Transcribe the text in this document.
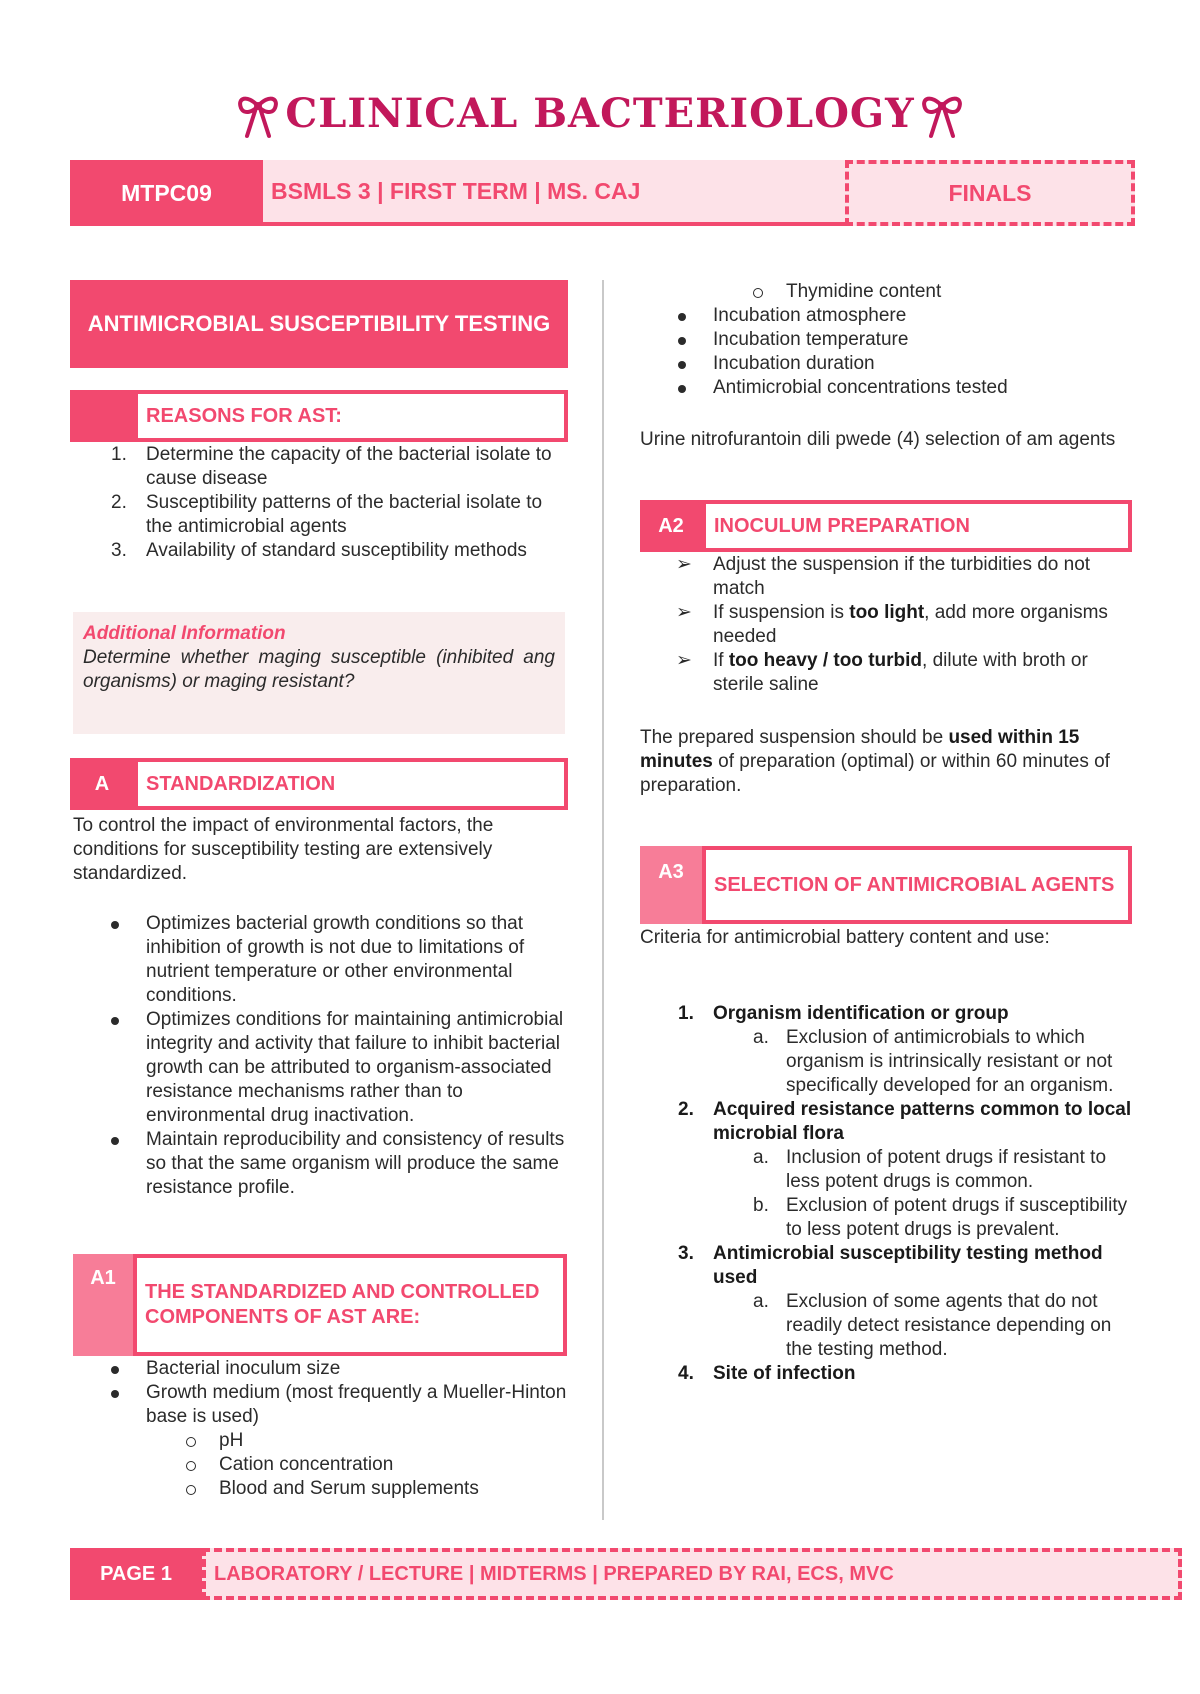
CLINICAL BACTERIOLOGY
MTPC09	BSMLS 3 | FIRST TERM | MS. CAJ	FINALS
ANTIMICROBIAL SUSCEPTIBILITY TESTING
REASONS FOR AST:
1. Determine the capacity of the bacterial isolate to cause disease
2. Susceptibility patterns of the bacterial isolate to the antimicrobial agents
3. Availability of standard susceptibility methods
Additional Information
Determine whether maging susceptible (inhibited ang organisms) or maging resistant?
A	STANDARDIZATION
To control the impact of environmental factors, the conditions for susceptibility testing are extensively standardized.
Optimizes bacterial growth conditions so that inhibition of growth is not due to limitations of nutrient temperature or other environmental conditions.
Optimizes conditions for maintaining antimicrobial integrity and activity that failure to inhibit bacterial growth can be attributed to organism-associated resistance mechanisms rather than to environmental drug inactivation.
Maintain reproducibility and consistency of results so that the same organism will produce the same resistance profile.
A1
THE STANDARDIZED AND CONTROLLED COMPONENTS OF AST ARE:
Bacterial inoculum size
Growth medium (most frequently a Mueller-Hinton base is used)
pH
Cation concentration
Blood and Serum supplements
Thymidine content
Incubation atmosphere
Incubation temperature
Incubation duration
Antimicrobial concentrations tested
Urine nitrofurantoin dili pwede (4) selection of am agents
A2	INOCULUM PREPARATION
➢ Adjust the suspension if the turbidities do not match
➢ If suspension is too light, add more organisms needed
➢ If too heavy / too turbid, dilute with broth or sterile saline
The prepared suspension should be used within 15 minutes of preparation (optimal) or within 60 minutes of preparation.
A3
SELECTION OF ANTIMICROBIAL AGENTS
Criteria for antimicrobial battery content and use:
1. Organism identification or group
a. Exclusion of antimicrobials to which organism is intrinsically resistant or not specifically developed for an organism.
2. Acquired resistance patterns common to local microbial flora
a. Inclusion of potent drugs if resistant to less potent drugs is common.
b. Exclusion of potent drugs if susceptibility to less potent drugs is prevalent.
3. Antimicrobial susceptibility testing method used
a. Exclusion of some agents that do not readily detect resistance depending on the testing method.
4. Site of infection
PAGE 1	LABORATORY / LECTURE | MIDTERMS | PREPARED BY RAI, ECS, MVC
